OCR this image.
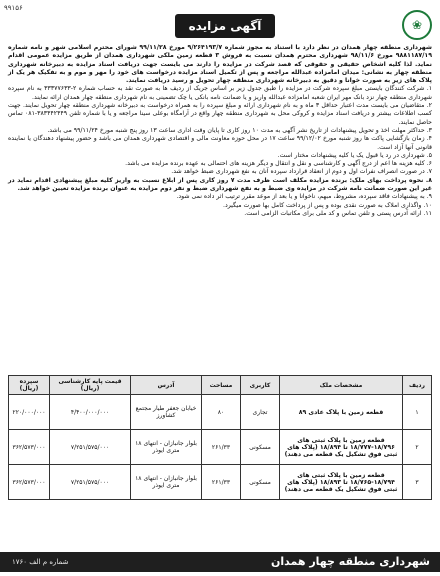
۹۹۱۵۶
❀
آگهی مزایده

شهرداری منطقه چهار همدان در نظر دارد با استناد به مجوز شماره ۹/۲۶۴۱۹۳/۷ مورخ ۹۹/۱۱/۲۸ شورای محترم اسلامی شهر و نامه شماره ۹۸۸۱۱۸۷/۱۹ مورخ ۹۸/۱۱/۶ شهرداری محترم همدان نسبت به فروش ۳ قطعه زمین ملکی شهرداری همدان از طریق مزایده عمومی اقدام نماید. لذا کلیه اشخاص حقیقی و حقوقی که قصد شرکت در مزایده را دارند می بایست جهت دریافت اسناد مزایده به دبیرخانه شهرداری منطقه چهار به نشانی: میدان امامزاده عبدالله مراجعه و پس از تکمیل اسناد مزایده درخواست های خود را مهر و موم و به تفکیک هر یک از پلاک های زیر به صورت خوانا و دقیق به دبیرخانه شهرداری منطقه چهار تحویل و رسید دریافت نمایند.

۱. شرکت کنندگان بایستی مبلغ سپرده شرکت در مزایده را طبق جدول زیر بر اساس جریک از ردیف ها به صورت نقد به حساب شماره ۲-۳۳۳۷۷۶۳۳ به نام سپرده شهرداری منطقه چهار نزد بانک مهر ایران شعبه امامزاده عبدالله واریز و یا ضمانت نامه بانکی یا چک تضمینی به نام شهرداری منطقه چهار همدان ارائه نمایند.

۲. متقاضیان می بایست مدت اعتبار حداقل ۳ ماه و به نام شهرداری ارائه و مبلغ سپرده را به همراه درخواست به دبیرخانه شهرداری منطقه چهار تحویل نمایند. جهت کسب اطلاعات بیشتر و دریافت اسناد مزایده و کروکی محل به شهرداری منطقه چهار واقع در آرامگاه بوعلی سینا مراجعه و یا با شماره تلفن ۳۸۳۴۴۲۴۴۹-۰۸۱ تماس حاصل نمایند.

۳. حداکثر مهلت اخذ و تحویل پیشنهادات از تاریخ نشر آگهی به مدت ۱۰ روز کاری تا پایان وقت اداری ساعت ۱۳ روز پنج شنبه مورخ ۹۹/۱۱/۲۴ می باشد.

۴. زمان بازگشایی پاکت ها روز شنبه مورخ ۹۹/۱۲/۰۲ ساعت ۱۷ در محل حوزه معاونت مالی و اقتصادی شهرداری همدان می باشد و حضور پیشنهاد دهندگان یا نماینده قانونی آنها آزاد است.

۵. شهرداری در رد یا قبول یک یا کلیه پیشنهادات مختار است.

۶. کلیه هزینه ها اعم از درج آگهی و کارشناسی و نقل و انتقال و دیگر هزینه های احتمالی به عهده برنده مزایده می باشد.

۷. در صورت انصراف نفرات اول و دوم از انعقاد قرارداد سپرده آنان به نفع شهرداری ضبط خواهد شد.

۸. نحوه پرداخت بهای ملک: برنده مزایده مکلف است ظرف مدت ۷ روز کاری پس از ابلاغ نسبت به واریز کلیه مبلغ پیشنهادی اقدام نماید در غیر این صورت ضمانت نامه شرکت در مزایده وی ضبط و به نفع شهرداری ضبط و نفر دوم مزایده به عنوان برنده مزایده تعیین خواهد شد.

۹. به پیشنهادات فاقد سپرده، مشروط، مبهم، ناخوانا و یا بعد از موعد مقرر ترتیب اثر داده نمی شود.

۱۰. واگذاری املاک به صورت نقدی بوده و پس از پرداخت کامل بها صورت میگیرد.

۱۱. ارائه آدرس پستی و تلفن تماس و کد ملی برای مکاتبات الزامی است.

ردیف	مشخصات ملک	کاربری	مساحت	آدرس	قیمت پایه کارشناسی (ریال)	سپرده (ریال)
۱	قطعه زمین با پلاک عادی ۸۹	تجاری	۸۰	خیابان جعفر طیار مجتمع کشاورز	۴/۴۰۰/۰۰۰/۰۰۰	۲۲۰/۰۰۰/۰۰۰
۲	قطعه زمین با پلاک ثبتی های ۱۸/۷۹۶-۱۸/۷۷۷ تا ۱۸/۸۹۴ (پلاک های ثبتی فوق تشکیل یک قطعه می دهند)	مسکونی	۲۶۱/۳۳	بلوار جانبازان - انتهای ۱۸ متری ایوذر	۷/۲۵۱/۵۷۵/۰۰۰	۳۶۲/۵۷۳/۰۰۰
۳	قطعه زمین با پلاک ثبتی های ۱۸/۷۹۴-۱۸/۷۶۵ تا ۱۸/۸۹۳ (پلاک های ثبتی فوق تشکیل یک قطعه می دهند)	مسکونی	۲۶۱/۳۳	بلوار جانبازان - انتهای ۱۸ متری ایوذر	۷/۲۵۱/۵۷۵/۰۰۰	۳۶۲/۵۷۳/۰۰۰
شهرداری منطقه چهار همدان
شماره م الف ۱۷۶۰
